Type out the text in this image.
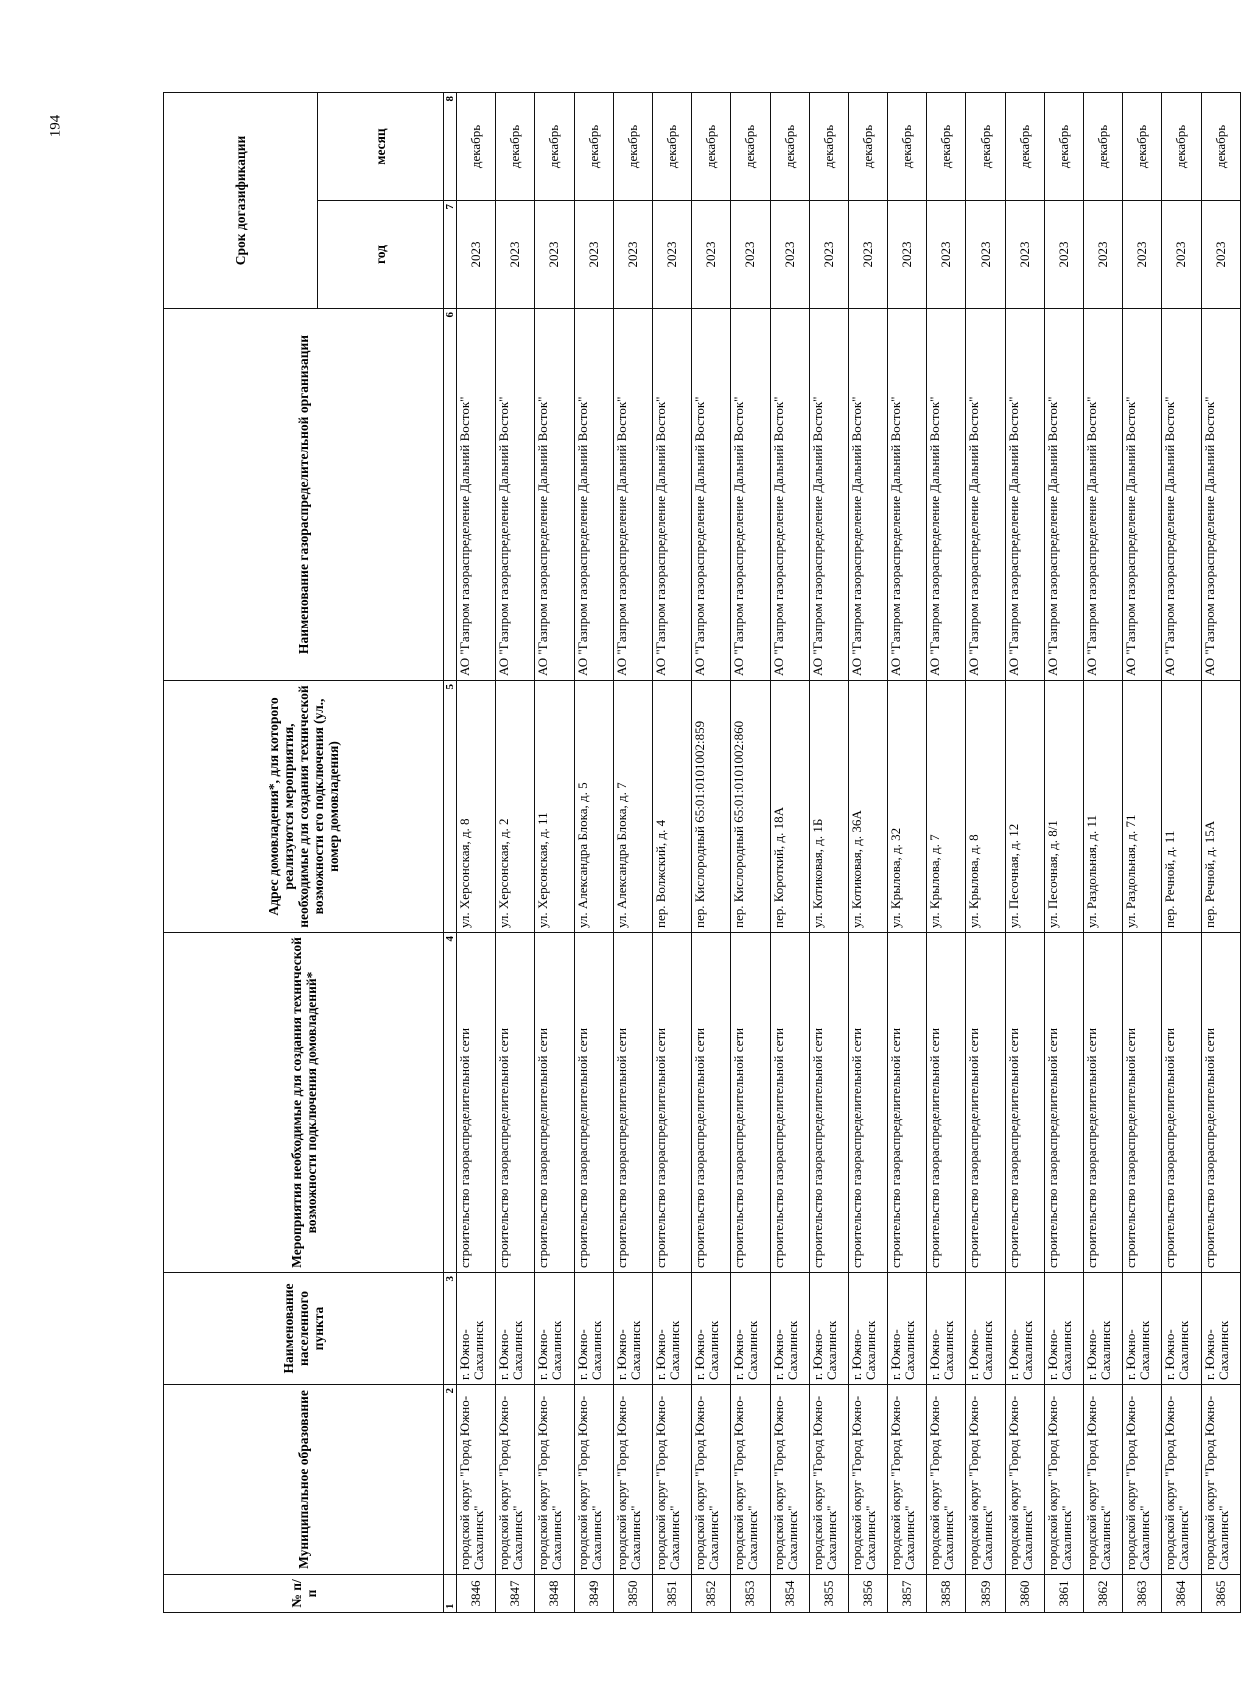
194
№ п/п	Муниципальное образование	Наименование населенного пункта	Мероприятия необходимые для создания технической возможности подключения домовладений*	Адрес домовладения*, для которого реализуются мероприятия, необходимые для создания технической возможности его подключения (ул., номер домовладения)	Наименование газораспределительной организации	Срок догазификации	
						год	месяц
1	2	3	4	5	6	7	8
3846	городской округ "Город Южно-Сахалинск"	г. Южно-Сахалинск	строительство газораспределительной сети	ул. Херсонская, д. 8	АО "Газпром газораспределение Дальний Восток"	2023	декабрь
3847	городской округ "Город Южно-Сахалинск"	г. Южно-Сахалинск	строительство газораспределительной сети	ул. Херсонская, д. 2	АО "Газпром газораспределение Дальний Восток"	2023	декабрь
3848	городской округ "Город Южно-Сахалинск"	г. Южно-Сахалинск	строительство газораспределительной сети	ул. Херсонская, д. 11	АО "Газпром газораспределение Дальний Восток"	2023	декабрь
3849	городской округ "Город Южно-Сахалинск"	г. Южно-Сахалинск	строительство газораспределительной сети	ул. Александра Блока, д. 5	АО "Газпром газораспределение Дальний Восток"	2023	декабрь
3850	городской округ "Город Южно-Сахалинск"	г. Южно-Сахалинск	строительство газораспределительной сети	ул. Александра Блока, д. 7	АО "Газпром газораспределение Дальний Восток"	2023	декабрь
3851	городской округ "Город Южно-Сахалинск"	г. Южно-Сахалинск	строительство газораспределительной сети	пер. Волжский, д. 4	АО "Газпром газораспределение Дальний Восток"	2023	декабрь
3852	городской округ "Город Южно-Сахалинск"	г. Южно-Сахалинск	строительство газораспределительной сети	пер. Кислородный 65:01:0101002:859	АО "Газпром газораспределение Дальний Восток"	2023	декабрь
3853	городской округ "Город Южно-Сахалинск"	г. Южно-Сахалинск	строительство газораспределительной сети	пер. Кислородный 65:01:0101002:860	АО "Газпром газораспределение Дальний Восток"	2023	декабрь
3854	городской округ "Город Южно-Сахалинск"	г. Южно-Сахалинск	строительство газораспределительной сети	пер. Короткий, д. 18А	АО "Газпром газораспределение Дальний Восток"	2023	декабрь
3855	городской округ "Город Южно-Сахалинск"	г. Южно-Сахалинск	строительство газораспределительной сети	ул. Котиковая, д. 1Б	АО "Газпром газораспределение Дальний Восток"	2023	декабрь
3856	городской округ "Город Южно-Сахалинск"	г. Южно-Сахалинск	строительство газораспределительной сети	ул. Котиковая, д. 36А	АО "Газпром газораспределение Дальний Восток"	2023	декабрь
3857	городской округ "Город Южно-Сахалинск"	г. Южно-Сахалинск	строительство газораспределительной сети	ул. Крылова, д. 32	АО "Газпром газораспределение Дальний Восток"	2023	декабрь
3858	городской округ "Город Южно-Сахалинск"	г. Южно-Сахалинск	строительство газораспределительной сети	ул. Крылова, д. 7	АО "Газпром газораспределение Дальний Восток"	2023	декабрь
3859	городской округ "Город Южно-Сахалинск"	г. Южно-Сахалинск	строительство газораспределительной сети	ул. Крылова, д. 8	АО "Газпром газораспределение Дальний Восток"	2023	декабрь
3860	городской округ "Город Южно-Сахалинск"	г. Южно-Сахалинск	строительство газораспределительной сети	ул. Песочная, д. 12	АО "Газпром газораспределение Дальний Восток"	2023	декабрь
3861	городской округ "Город Южно-Сахалинск"	г. Южно-Сахалинск	строительство газораспределительной сети	ул. Песочная, д. 8/1	АО "Газпром газораспределение Дальний Восток"	2023	декабрь
3862	городской округ "Город Южно-Сахалинск"	г. Южно-Сахалинск	строительство газораспределительной сети	ул. Раздольная, д. 11	АО "Газпром газораспределение Дальний Восток"	2023	декабрь
3863	городской округ "Город Южно-Сахалинск"	г. Южно-Сахалинск	строительство газораспределительной сети	ул. Раздольная, д. 71	АО "Газпром газораспределение Дальний Восток"	2023	декабрь
3864	городской округ "Город Южно-Сахалинск"	г. Южно-Сахалинск	строительство газораспределительной сети	пер. Речной, д. 11	АО "Газпром газораспределение Дальний Восток"	2023	декабрь
3865	городской округ "Город Южно-Сахалинск"	г. Южно-Сахалинск	строительство газораспределительной сети	пер. Речной, д. 15А	АО "Газпром газораспределение Дальний Восток"	2023	декабрь
